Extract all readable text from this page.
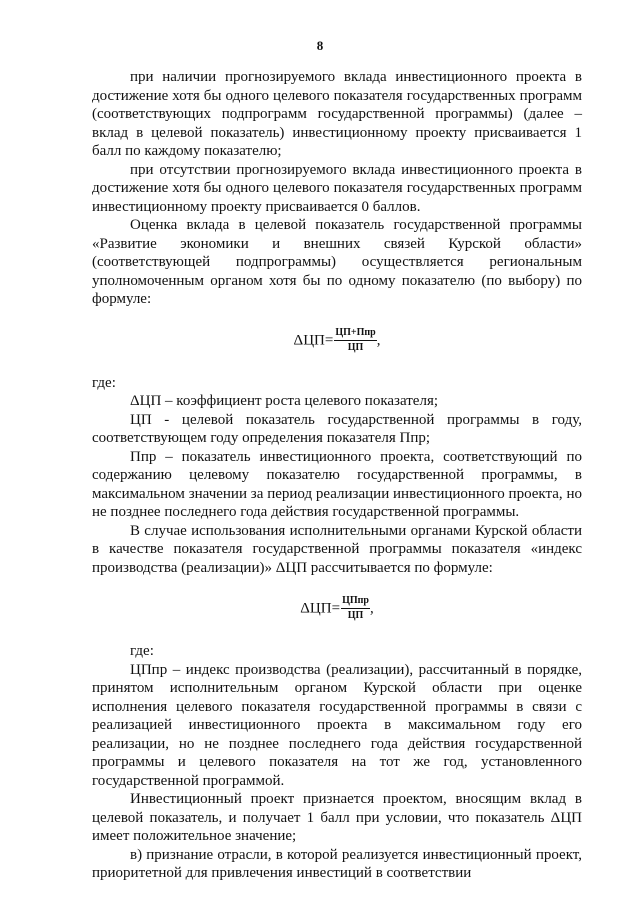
8

при наличии прогнозируемого вклада инвестиционного проекта в достижение хотя бы одного целевого показателя государственных программ (соответствующих подпрограмм государственной программы) (далее – вклад в целевой показатель) инвестиционному проекту присваивается 1 балл по каждому показателю;

при отсутствии прогнозируемого вклада инвестиционного проекта в достижение хотя бы одного целевого показателя государственных программ инвестиционному проекту присваивается 0 баллов.

Оценка вклада в целевой показатель государственной программы «Развитие экономики и внешних связей Курской области» (соответствующей подпрограммы) осуществляется региональным уполномоченным органом хотя бы по одному показателю (по выбору) по формуле:

$\Delta ЦП= \frac{\text{ЦП+Ппр}}{ЦП}$ ,

где:

ΔЦП – коэффициент роста целевого показателя;

ЦП - целевой показатель государственной программы в году, соответствующем году определения показателя Ппр;

Ппр – показатель инвестиционного проекта, соответствующий по содержанию целевому показателю государственной программы, в максимальном значении за период реализации инвестиционного проекта, но не позднее последнего года действия государственной программы.

В случае использования исполнительными органами Курской области в качестве показателя государственной программы показателя «индекс производства (реализации)» ΔЦП рассчитывается по формуле:

$\Delta ЦП= \frac{\text{ЦПпр}}{ЦП}$ ,

где:

ЦПпр – индекс производства (реализации), рассчитанный в порядке, принятом исполнительным органом Курской области при оценке исполнения целевого показателя государственной программы в связи с реализацией инвестиционного проекта в максимальном году его реализации, но не позднее последнего года действия государственной программы и целевого показателя на тот же год, установленного государственной программой.

Инвестиционный проект признается проектом, вносящим вклад в целевой показатель, и получает 1 балл при условии, что показатель ΔЦП имеет положительное значение;

в) признание отрасли, в которой реализуется инвестиционный проект, приоритетной для привлечения инвестиций в соответствии
